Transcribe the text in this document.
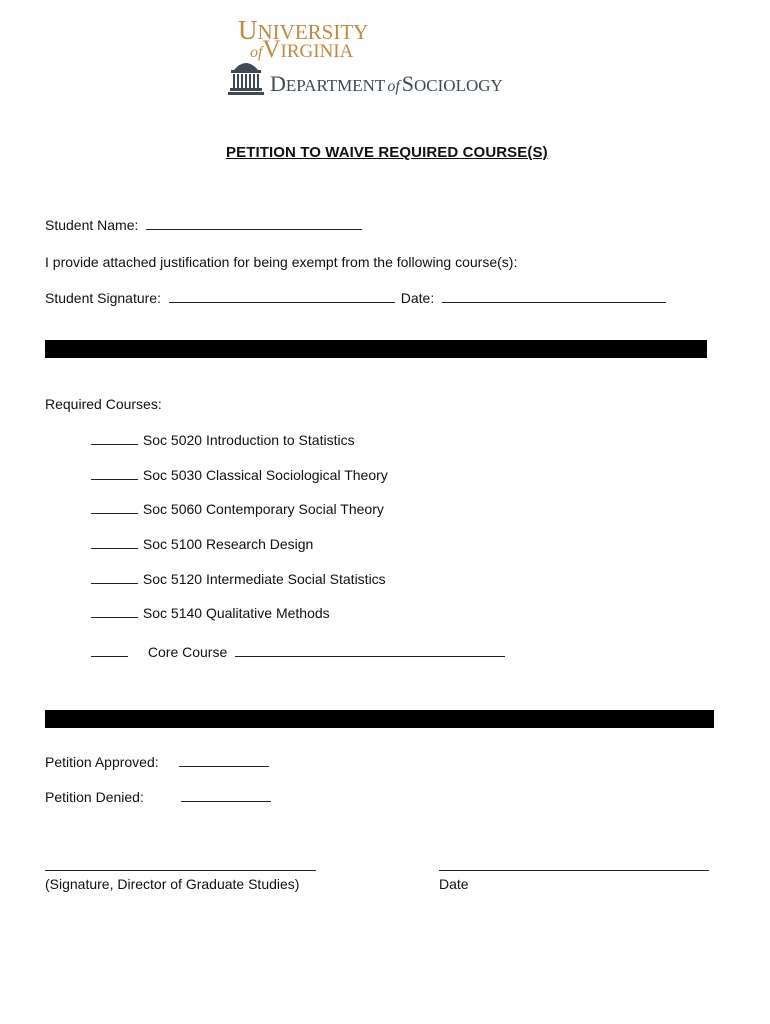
UNIVERSITY
ofVIRGINIA
DEPARTMENT ofSOCIOLOGY
PETITION TO WAIVE REQUIRED COURSE(S)
Student Name:
I provide attached justification for being exempt from the following course(s):
Student Signature:	Date:
Required Courses:
Soc 5020 Introduction to Statistics
Soc 5030 Classical Sociological Theory
Soc 5060 Contemporary Social Theory
Soc 5100 Research Design
Soc 5120 Intermediate Social Statistics
Soc 5140 Qualitative Methods
Core Course
Petition Approved:
Petition Denied:
(Signature, Director of Graduate Studies)	Date
